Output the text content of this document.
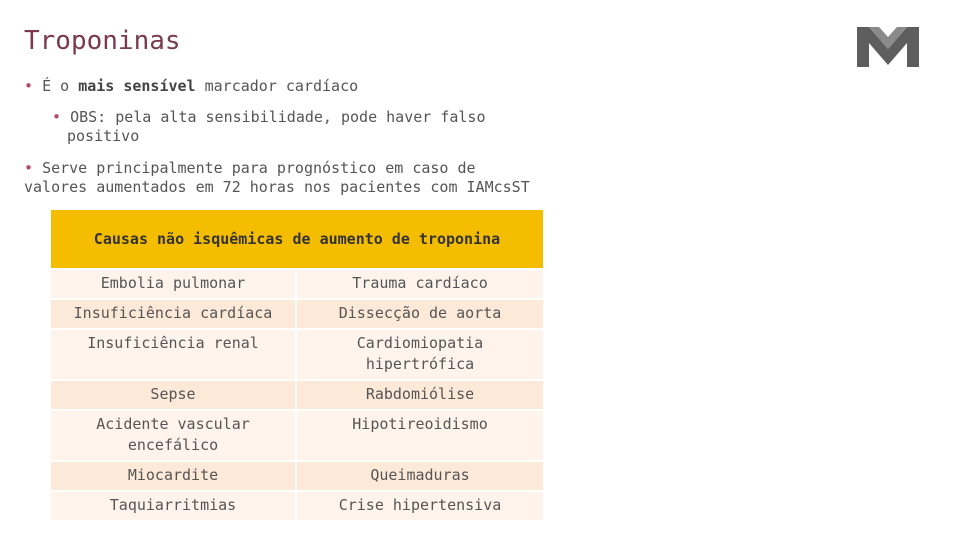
Troponinas
• É o mais sensível marcador cardíaco
• OBS: pela alta sensibilidade, pode haver falso
positivo
• Serve principalmente para prognóstico em caso de
valores aumentados em 72 horas nos pacientes com IAMcsST
Causas não isquêmicas de aumento de troponina	
Embolia pulmonar	Trauma cardíaco
Insuficiência cardíaca	Dissecção de aorta
Insuficiência renal	Cardiomiopatia hipertrófica
Sepse	Rabdomiólise
Acidente vascular encefálico	Hipotireoidismo
Miocardite	Queimaduras
Taquiarritmias	Crise hipertensiva
